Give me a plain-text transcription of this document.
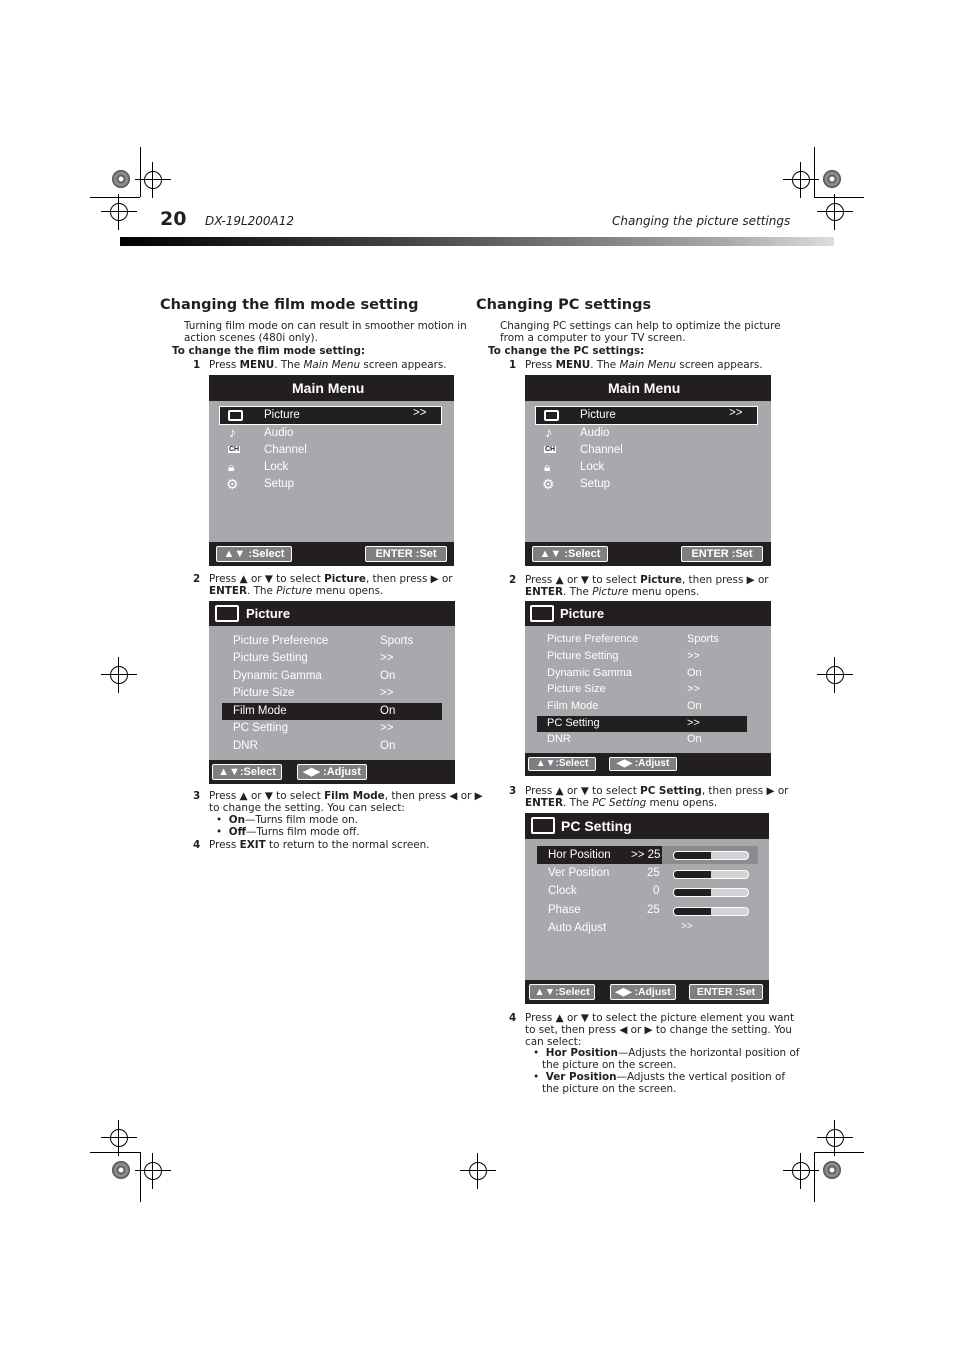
20 DX-19L200A12	Changing the picture settings
Changing the film mode setting
Turning film mode on can result in smoother motion in
action scenes (480i only).
To change the flim mode setting:
1 Press MENU. The Main Menu screen appears.
Main Menu
Picture	>>
♪ Audio
CH Channel
🔒︎	Lock
⚙ Setup
▲▼ :Select	ENTER :Set
2 Press ▲ or ▼ to select Picture, then press ▶ or
ENTER. The Picture menu opens.
Picture
Picture Preference	Sports
Picture Setting	>>
Dynamic Gamma	On
Picture Size	>>
Film Mode	On
PC Setting	>>
DNR	On
▲▼:Select	◀▶ :Adjust
3 Press ▲ or ▼ to select Film Mode, then press ◀ or ▶
to change the setting. You can select:
•  On—Turns film mode on.
•  Off—Turns film mode off.
4 Press EXIT to return to the normal screen.
Changing PC settings
Changing PC settings can help to optimize the picture
from a computer to your TV screen.
To change the PC settings:
1 Press MENU. The Main Menu screen appears.
Main Menu
Picture	>>
♪ Audio
CH Channel
🔒︎	Lock
⚙ Setup
▲▼ :Select	ENTER :Set
2 Press ▲ or ▼ to select Picture, then press ▶ or
ENTER. The Picture menu opens.
Picture
Picture Preference	Sports
Picture Setting	>>
Dynamic Gamma	On
Picture Size	>>
Film Mode	On
PC Setting	>>
DNR	On
▲▼:Select	◀▶ :Adjust
3 Press ▲ or ▼ to select PC Setting, then press ▶ or
ENTER. The PC Setting menu opens.
PC Setting
Hor Position >> 25
Ver Position	25
Clock	0
Phase	25
Auto Adjust	>>
▲▼:Select	◀▶ :Adjust	ENTER :Set
4 Press ▲ or ▼ to select the picture element you want
to set, then press ◀ or ▶ to change the setting. You
can select:
•  Hor Position—Adjusts the horizontal position of
the picture on the screen.
•  Ver Position—Adjusts the vertical position of
the picture on the screen.
